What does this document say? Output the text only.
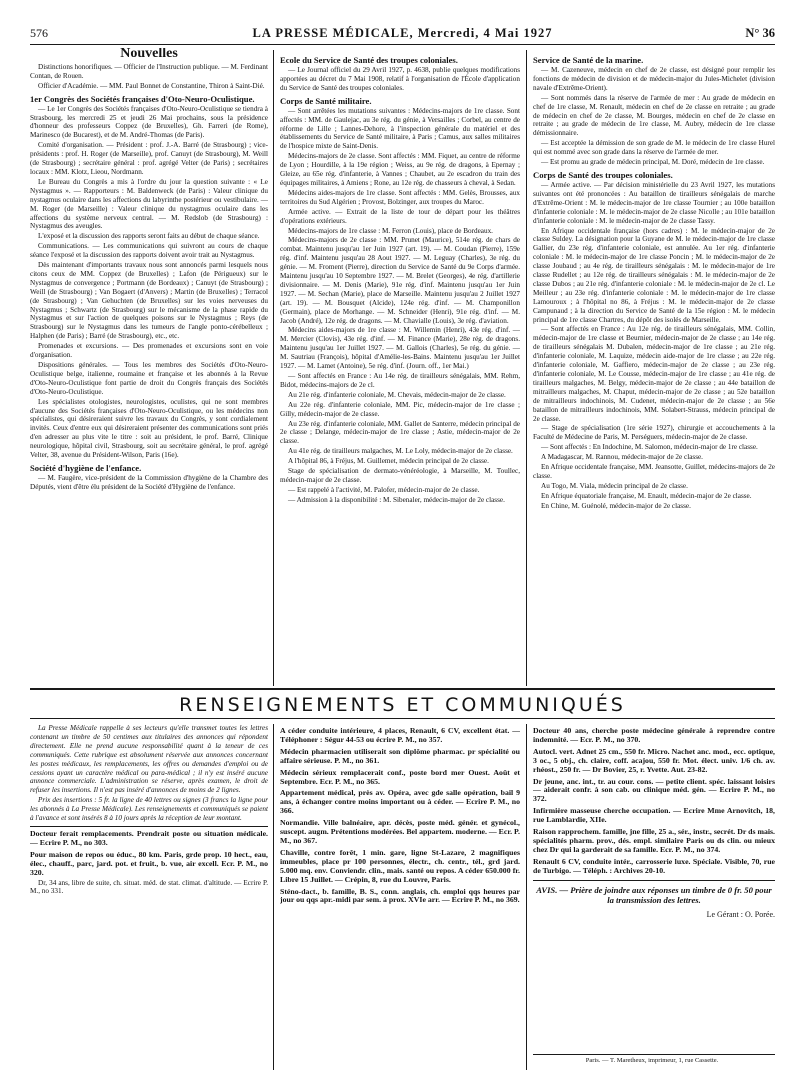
576	LA PRESSE MÉDICALE, Mercredi, 4 Mai 1927	N° 36
Nouvelles

Distinctions honorifiques. — Officier de l'Instruction publique. — M. Ferdinant Contan, de Rouen.

Officier d'Académie. — MM. Paul Bonnet de Constantine, Thiron à Saint-Dié.

1er Congrès des Sociétés françaises d'Oto-Neuro-Oculistique.

— Le 1er Congrès des Sociétés françaises d'Oto-Neuro-Oculistique se tiendra à Strasbourg, les mercredi 25 et jeudi 26 Mai prochains, sous la présidence d'honneur des professeurs Coppez (de Bruxelles), Gh. Farreri (de Rome), Marinesco (de Bucarest), et de M. André-Thomas (de Paris).

Comité d'organisation. — Président : prof. J.-A. Barré (de Strasbourg) ; vice-présidents : prof. H. Roger (de Marseille), prof. Canuyt (de Strasbourg), M. Weill (de Strasbourg) ; secrétaire général : prof. agrégé Velter (de Paris) ; secrétaires locaux : MM. Klotz, Lieou, Nordmann.

Le Bureau du Congrès a mis à l'ordre du jour la question suivante : « Le Nystagmus ». — Rapporteurs : M. Baldenweck (de Paris) : Valeur clinique du nystagmus oculaire dans les affections du labyrinthe postérieur ou vestibulaire. — M. Roger (de Marseille) : Valeur clinique du nystagmus oculaire dans les affections du système nerveux central. — M. Redslob (de Strasbourg) : Nystagmus des aveugles.

L'exposé et la discussion des rapports seront faits au début de chaque séance.

Communications. — Les communications qui suivront au cours de chaque séance l'exposé et la discussion des rapports doivent avoir trait au Nystagmus.

Dès maintenant d'importants travaux nous sont annoncés parmi lesquels nous citons ceux de MM. Coppez (de Bruxelles) ; Lafon (de Périgueux) sur le Nystagmus de convergence ; Portmann (de Bordeaux) ; Canuyt (de Strasbourg) ; Weill (de Strasbourg) ; Van Bogaert (d'Anvers) ; Martin (de Bruxelles) ; Terracol (de Strasbourg) ; Van Gehuchten (de Bruxelles) sur les voies nerveuses du Nystagmus ; Schwartz (de Strasbourg) sur le mécanisme de la phase rapide du Nystagmus et sur l'action de quelques poisons sur le Nystagmus ; Reys (de Strasbourg) sur le Nystagmus dans les tumeurs de l'angle ponto-cérébelleux ; Halphen (de Paris) ; Barré (de Strasbourg), etc., etc.

Promenades et excursions. — Des promenades et excursions sont en voie d'organisation.

Dispositions générales. — Tous les membres des Sociétés d'Oto-Neuro-Oculistique belge, italienne, roumaine et française et les abonnés à la Revue d'Oto-Neuro-Oculistique font partie de droit du Congrès français des Sociétés d'Oto-Neuro-Oculistique.

Les spécialistes otologistes, neurologistes, oculistes, qui ne sont membres d'aucune des Sociétés françaises d'Oto-Neuro-Oculistique, ou les médecins non spécialistes, qui désireraient suivre les travaux du Congrès, y sont cordialement invités. Ceux d'entre eux qui désireraient présenter des communications sont priés d'en adresser au plus vite le titre : soit au président, le prof. Barré, Clinique neurologique, hôpital civil, Strasbourg, soit au secrétaire général, le prof. agrégé Velter, 38, avenue du Président-Wilson, Paris (16e).

Société d'hygiène de l'enfance.

— M. Faugère, vice-président de la Commission d'hygiène de la Chambre des Députés, vient d'être élu président de la Société d'Hygiène de l'enfance.

Ecole du Service de Santé des troupes coloniales.

— Le Journal officiel du 29 Avril 1927, p. 4638, publie quelques modifications apportées au décret du 7 Mai 1908, relatif à l'organisation de l'École d'application du Service de Santé des troupes coloniales.

Corps de Santé militaire.

— Sont arrêtées les mutations suivantes : Médecins-majors de 1re classe. Sont affectés : MM. de Gaulejac, au 3e rég. du génie, à Versailles ; Corbel, au centre de réforme de Lille ; Lannes-Dehore, à l'inspection générale du matériel et des établissements du Service de Santé militaire, à Paris ; Camus, aux salles militaires de l'hospice mixte de Saint-Denis.

Médecins-majors de 2e classe. Sont affectés : MM. Fiquet, au centre de réforme de Lyon ; Hourdille, à la 19e région ; Weiss, au 9e rég. de dragons, à Epernay ; Gleize, au 65e rég. d'infanterie, à Vannes ; Chaubet, au 2e escadron du train des équipages militaires, à Amiens ; Rone, au 12e rég. de chasseurs à cheval, à Sedan.

Médecins aides-majors de 1re classe. Sont affectés : MM. Gelès, Brousses, aux territoires du Sud Algérien ; Provost, Bolzinger, aux troupes du Maroc.

Armée active. — Extrait de la liste de tour de départ pour les théâtres d'opérations extérieurs.

Médecins-majors de 1re classe : M. Ferron (Louis), place de Bordeaux.

Médecins-majors de 2e classe : MM. Prunet (Maurice), 514e rég. de chars de combat. Maintenu jusqu'au 1er Juin 1927 (art. 19). — M. Coudan (Pierre), 159e rég. d'inf. Maintenu jusqu'au 28 Aout 1927. — M. Leguay (Charles), 3e rég. du génie. — M. Froment (Pierre), direction du Service de Santé du 9e Corps d'armée. Maintenu jusqu'au 10 Septembre 1927. — M. Brelet (Georges), 4e rég. d'artillerie divisionnaire. — M. Denis (Marie), 91e rég. d'inf. Maintenu jusqu'au 1er Juin 1927. — M. Sechan (Marie), place de Marseille. Maintenu jusqu'au 2 Juillet 1927 (art. 19). — M. Bousquet (Alcide), 124e rég. d'inf. — M. Champonillon (Germain), place de Morhange. — M. Schneider (Henri), 91e rég. d'inf. — M. Jacob (André), 12e rég. de dragons. — M. Chavialle (Louis), 3e rég. d'aviation.

Médecins aides-majors de 1re classe : M. Willemin (Henri), 43e rég. d'inf. — M. Mercier (Clovis), 43e rég. d'inf. — M. Finance (Marie), 28e rég. de dragons. Maintenu jusqu'au 1er Juillet 1927. — M. Gallois (Charles), 5e rég. du génie. — M. Sautriau (François), hôpital d'Amélie-les-Bains. Maintenu jusqu'au 1er Juillet 1927. — M. Lamet (Antoine), 5e rég. d'inf. (Journ. off., 1er Mai.)

— Sont affectés en France : Au 14e rég. de tirailleurs sénégalais, MM. Rehm, Bidot, médecins-majors de 2e cl.

Au 21e rég. d'infanterie coloniale, M. Chevais, médecin-major de 2e classe.

Au 22e rég. d'infanterie coloniale, MM. Pic, médecin-major de 1re classe ; Gilly, médecin-major de 2e classe.

Au 23e rég. d'infanterie coloniale, MM. Gallet de Santerre, médecin principal de 2e classe ; Delange, médecin-major de 1re classe ; Astie, médecin-major de 2e classe.

Au 41e rég. de tirailleurs malgaches, M. Le Loly, médecin-major de 2e classe.

A l'hôpital 86, à Fréjus, M. Guillemet, médecin principal de 2e classe.

Stage de spécialisation de dermato-vénéréologie, à Marseille, M. Toullec, médecin-major de 2e classe.

— Est rappelé à l'activité, M. Palofer, médecin-major de 2e classe.

— Admission à la disponibilité : M. Sibenaler, médecin-major de 2e classe.

Service de Santé de la marine.

— M. Cazeneuve, médecin en chef de 2e classe, est désigné pour remplir les fonctions de médecin de division et de médecin-major du Jules-Michelet (division navale d'Extrême-Orient).

— Sont nommés dans la réserve de l'armée de mer : Au grade de médecin en chef de 1re classe, M. Renault, médecin en chef de 2e classe en retraite ; au grade de médecin en chef de 2e classe, M. Bourges, médecin en chef de 2e classe en retraite ; au grade de médecin de 1re classe, M. Aubry, médecin de 1re classe démissionnaire.

— Est acceptée la démission de son grade de M. le médecin de 1re classe Hurel qui est nommé avec son grade dans la réserve de l'armée de mer.

— Est promu au grade de médecin principal, M. Doré, médecin de 1re classe.

Corps de Santé des troupes coloniales.

— Armée active. — Par décision ministérielle du 23 Avril 1927, les mutations suivantes ont été prononcées : Au bataillon de tirailleurs sénégalais de marche d'Extrême-Orient : M. le médecin-major de 1re classe Tournier ; au 100e bataillon d'infanterie coloniale : M. le médecin-major de 2e classe Nicolle ; au 101e bataillon d'infanterie coloniale : M. le médecin-major de 2e classe Tassy.

En Afrique occidentale française (hors cadres) : M. le médecin-major de 2e classe Suldey. La désignation pour la Guyane de M. le médecin-major de 1re classe Gallier, du 23e rég. d'infanterie coloniale, est annulée. Au 1er rég. d'infanterie coloniale : M. le médecin-major de 1re classe Poncin ; M. le médecin-major de 2e classe Joubaud ; au 4e rég. de tirailleurs sénégalais : M. le médecin-major de 1re classe Rudellet ; au 12e rég. de tirailleurs sénégalais : M. le médecin-major de 2e classe Dubos ; au 21e rég. d'infanterie coloniale : M. le médecin-major de 2e cl. Le Meilleur ; au 23e rég. d'infanterie coloniale : M. le médecin-major de 1re classe Lamouroux ; à l'hôpital no 86, à Fréjus : M. le médecin-major de 2e classe Campunaud ; à la direction du Service de Santé de la 15e région : M. le médecin principal de 1re classe Chartres, du dépôt des isolés de Marseille.

— Sont affectés en France : Au 12e rég. de tirailleurs sénégalais, MM. Collin, médecin-major de 1re classe et Beurnier, médecin-major de 2e classe ; au 14e rég. de tirailleurs sénégalais M. Dubalen, médecin-major de 1re classe ; au 21e rég. d'infanterie coloniale, M. Laquize, médecin aide-major de 1re classe ; au 22e rég. d'infanterie coloniale, M. Gaffiero, médecin-major de 2e classe ; au 23e rég. d'infanterie coloniale, M. Le Cousse, médecin-major de 1re classe ; au 41e rég. de tirailleurs malgaches, M. Belgy, médecin-major de 2e classe ; au 44e bataillon de mitrailleurs malgaches, M. Chaput, médecin-major de 2e classe ; au 52e bataillon de mitrailleurs indochinois, M. Cudenet, médecin-major de 2e classe ; au 56e bataillon de mitrailleurs indochinois, MM. Solabert-Strauss, médecin principal de 2e classe.

— Stage de spécialisation (1re série 1927), chirurgie et accouchements à la Faculté de Médecine de Paris, M. Perséguers, médecin-major de 2e classe.

— Sont affectés : En Indochine, M. Salomon, médecin-major de 1re classe.

A Madagascar, M. Rannou, médecin-major de 2e classe.

En Afrique occidentale française, MM. Jeansotte, Guillet, médecins-majors de 2e classe.

Au Togo, M. Viala, médecin principal de 2e classe.

En Afrique équatoriale française, M. Enault, médecin-major de 2e classe.

En Chine, M. Guénolé, médecin-major de 2e classe.

RENSEIGNEMENTS ET COMMUNIQUÉS

La Presse Médicale rappelle à ses lecteurs qu'elle transmet toutes les lettres contenant un timbre de 50 centimes aux titulaires des annonces qui répondent directement. Elle ne prend aucune responsabilité quant à la teneur de ces communiqués. Cette rubrique est absolument réservée aux annonces concernant les postes médicaux, les remplacements, les offres ou demandes d'emploi ou de cessions ayant un caractère médical ou para-médical ; il n'y est inséré aucune annonce commerciale. L'administration se réserve, après examen, le droit de refuser les insertions. Il n'est pas inséré d'annonces de moins de 2 lignes.

Prix des insertions : 5 fr. la ligne de 40 lettres ou signes (3 francs la ligne pour les abonnés à La Presse Médicale). Les renseignements et communiqués se paient à l'avance et sont insérés 8 à 10 jours après la réception de leur montant.

Docteur ferait remplacements. Prendrait poste ou situation médicale. — Ecrire P. M., no 303.

Pour maison de repos ou éduc., 80 km. Paris, grde prop. 10 hect., eau, élec., chauff., parc, jard. pot. et fruit., b. vue, air excell. Ecr. P. M., no 320.

Dr, 34 ans, libre de suite, ch. situat. méd. de stat. climat. d'altitude. — Ecrire P. M., no 331.

A céder conduite intérieure, 4 places, Renault, 6 CV, excellent état. — Téléphoner : Ségur 44-53 ou écrire P. M., no 357.

Médecin pharmacien utiliserait son diplôme pharmac. pr spécialité ou affaire sérieuse. P. M., no 361.

Médecin sérieux remplacerait conf., poste bord mer Ouest. Août et Septembre. Ecr. P. M., no 365.

Appartement médical, près av. Opéra, avec gde salle opération, bail 9 ans, à échanger contre moins important ou à céder. — Ecrire P. M., no 366.

Normandie. Ville balnéaire, apr. décès, poste méd. génér. et gynécol., suscept. augm. Prétentions modérées. Bel appartem. moderne. — Ecr. P. M., no 367.

Chaville, contre forêt, 1 min. gare, ligne St-Lazare, 2 magnifiques immeubles, place pr 100 personnes, électr., ch. centr., tél., grd jard. 5.000 mq. env. Conviendr. clin., mais. santé ou repos. A céder 650.000 fr. Libre 15 Juillet. — Crépin, 8, rue du Louvre, Paris.

Sténo-dact., b. famille, B. S., conn. anglais, ch. emploi qqs heures par jour ou qqs apr.-midi par sem. à prox. XVIe arr. — Ecrire P. M., no 369.

Docteur 40 ans, cherche poste médecine générale à reprendre contre indemnité. — Ecr. P. M., no 370.

Autocl. vert. Adnet 25 cm., 550 fr. Micro. Nachet anc. mod., ecc. optique, 3 oc., 5 obj., ch. claire, coff. acajou, 550 fr. Mot. élect. univ. 1/6 ch. av. rhéost., 250 fr. — Dr Bovier, 25, r. Yvette. Aut. 23-82.

Dr jeune, anc. int., tr. au cour. cons. — petite client. spéc. laissant loisirs — aiderait confr. à son cab. ou clinique méd. gén. — Ecrire P. M., no 372.

Infirmière masseuse cherche occupation. — Ecrire Mme Arnovitch, 18, rue Lamblardie, XIIe.

Raison rapprochem. famille, jne fille, 25 a., sér., instr., secrét. Dr ds mais. spécialités pharm. prov., dés. empl. similaire Paris ou ds clin. ou mieux chez Dr qui la garderait de sa famille. Ecr. P. M., no 374.

Renault 6 CV, conduite intér., carrosserie luxe. Spéciale. Visible, 70, rue de Turbigo. — Téléph. : Archives 20-10.

AVIS. — Prière de joindre aux réponses un timbre de 0 fr. 50 pour la transmission des lettres.
Le Gérant : O. Porée.
Paris. — T. Maretheux, imprimeur, 1, rue Cassette.
